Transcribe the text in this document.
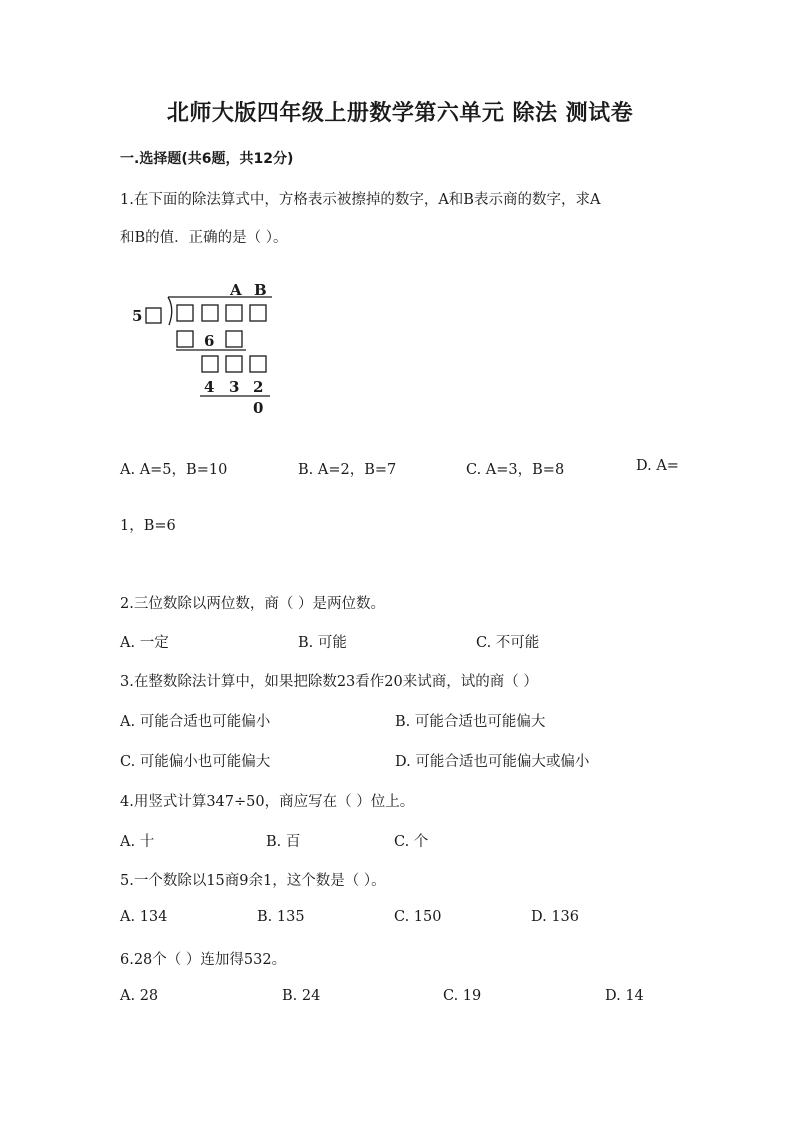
北师大版四年级上册数学第六单元 除法 测试卷
一.选择题(共6题，共12分)
1.在下面的除法算式中，方格表示被擦掉的数字，A和B表示商的数字，求A
和B的值．正确的是（ ）。
A B
5
6
4 3 2
0
A. A=5，B=10	B. A=2，B=7	C. A=3，B=8	D. A=
1，B=6
2.三位数除以两位数，商（ ）是两位数。
A. 一定	B. 可能	C. 不可能
3.在整数除法计算中，如果把除数23看作20来试商，试的商（ ）
A. 可能合适也可能偏小	B. 可能合适也可能偏大
C. 可能偏小也可能偏大	D. 可能合适也可能偏大或偏小
4.用竖式计算347÷50，商应写在（ ）位上。
A. 十	B. 百	C. 个
5.一个数除以15商9余1，这个数是（ ）。
A. 134	B. 135	C. 150	D. 136
6.28个（ ）连加得532。
A. 28	B. 24	C. 19	D. 14
